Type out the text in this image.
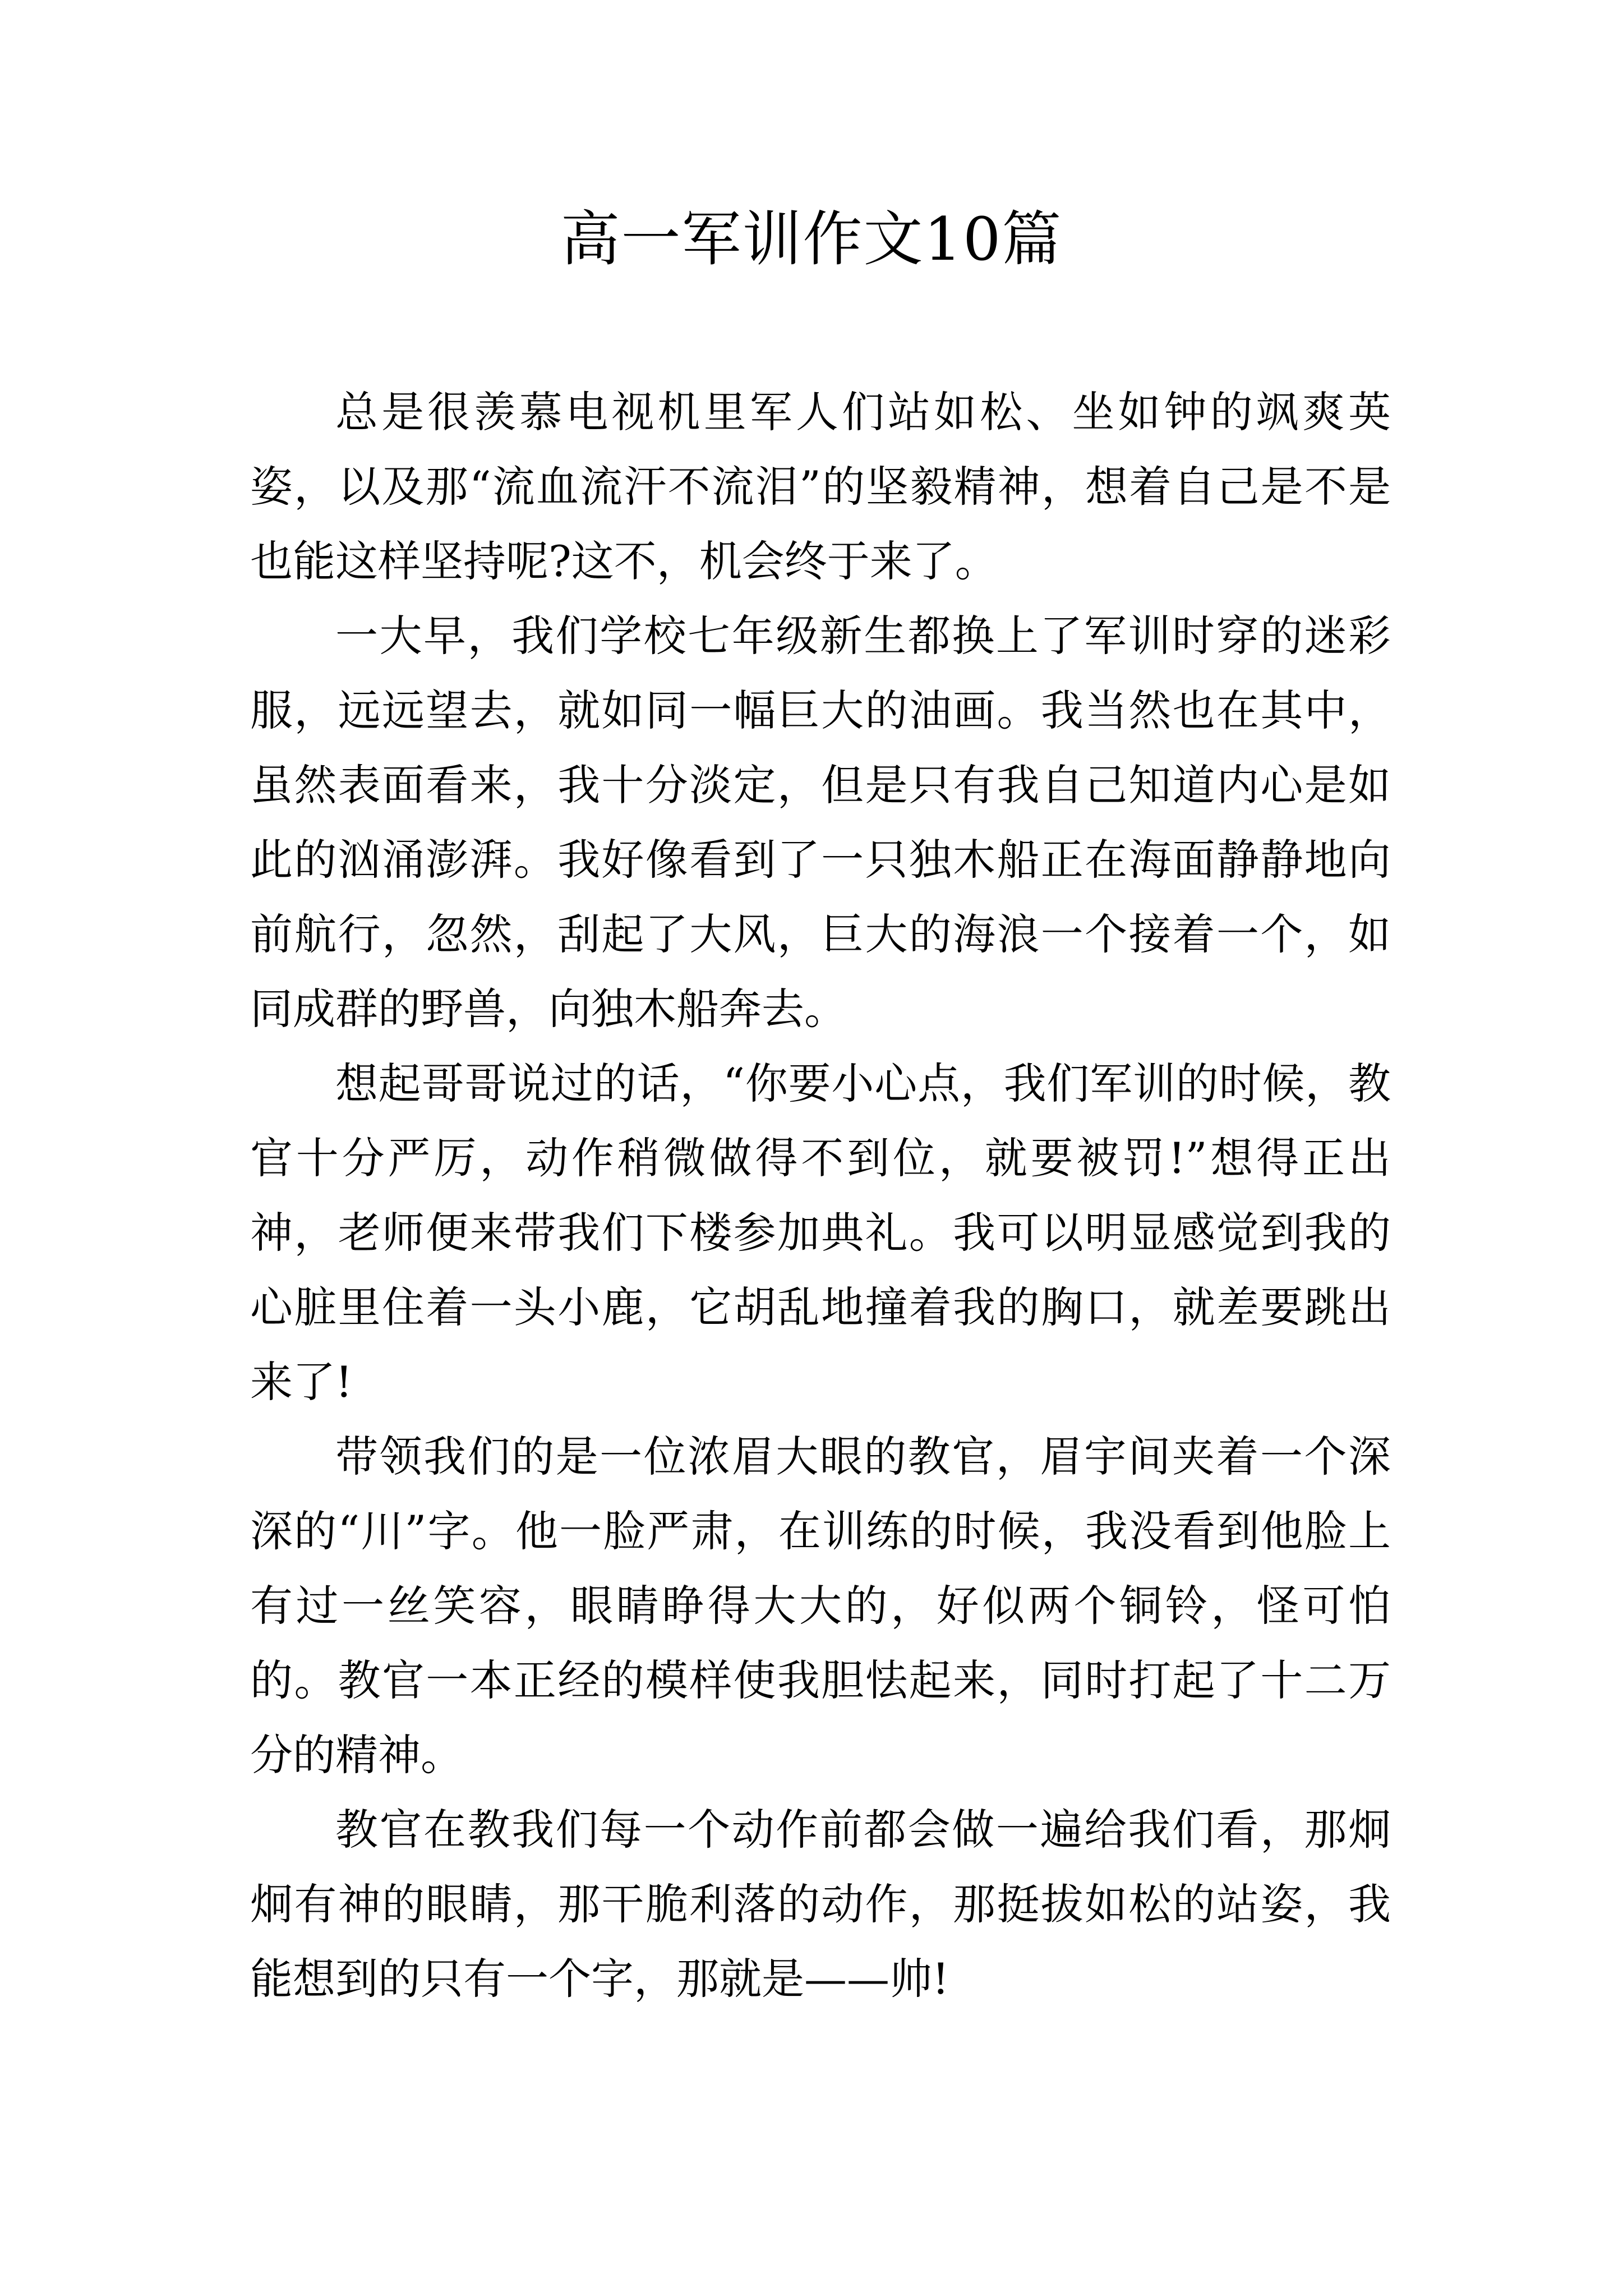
高一军训作文10篇

总是很羡慕电视机里军人们站如松、坐如钟的飒爽英姿，以及那“流血流汗不流泪”的坚毅精神，想着自己是不是也能这样坚持呢?这不，机会终于来了。

一大早，我们学校七年级新生都换上了军训时穿的迷彩服，远远望去，就如同一幅巨大的油画。我当然也在其中，虽然表面看来，我十分淡定，但是只有我自己知道内心是如此的汹涌澎湃。我好像看到了一只独木船正在海面静静地向前航行，忽然，刮起了大风，巨大的海浪一个接着一个，如同成群的野兽，向独木船奔去。

想起哥哥说过的话，“你要小心点，我们军训的时候，教官十分严厉，动作稍微做得不到位，就要被罚!”想得正出神，老师便来带我们下楼参加典礼。我可以明显感觉到我的心脏里住着一头小鹿，它胡乱地撞着我的胸口，就差要跳出来了!

带领我们的是一位浓眉大眼的教官，眉宇间夹着一个深深的“川”字。他一脸严肃，在训练的时候，我没看到他脸上有过一丝笑容，眼睛睁得大大的，好似两个铜铃，怪可怕的。教官一本正经的模样使我胆怯起来，同时打起了十二万分的精神。

教官在教我们每一个动作前都会做一遍给我们看，那炯炯有神的眼睛，那干脆利落的动作，那挺拔如松的站姿，我能想到的只有一个字，那就是——帅!
